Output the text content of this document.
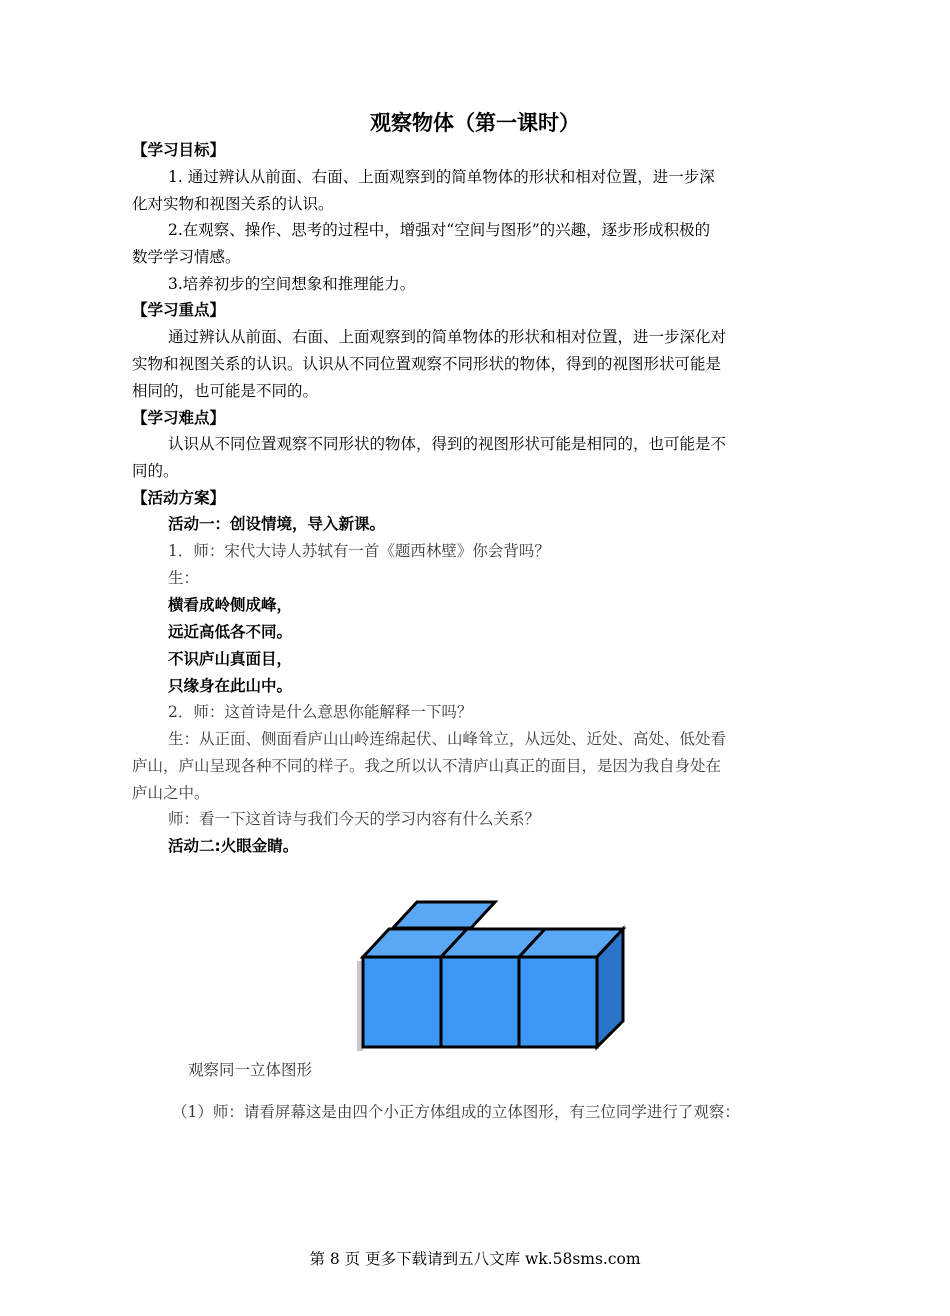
观察物体（第一课时）
【学习目标】
1. 通过辨认从前面、右面、上面观察到的简单物体的形状和相对位置，进一步深
化对实物和视图关系的认识。
2.在观察、操作、思考的过程中，增强对“空间与图形”的兴趣，逐步形成积极的
数学学习情感。
3.培养初步的空间想象和推理能力。
【学习重点】
通过辨认从前面、右面、上面观察到的简单物体的形状和相对位置，进一步深化对
实物和视图关系的认识。认识从不同位置观察不同形状的物体，得到的视图形状可能是
相同的，也可能是不同的。
【学习难点】
认识从不同位置观察不同形状的物体，得到的视图形状可能是相同的，也可能是不
同的。
【活动方案】
活动一：创设情境，导入新课。
1．师：宋代大诗人苏轼有一首《题西林壁》你会背吗？
生：
横看成岭侧成峰，
远近高低各不同。
不识庐山真面目，
只缘身在此山中。
2．师：这首诗是什么意思你能解释一下吗？
生：从正面、侧面看庐山山岭连绵起伏、山峰耸立，从远处、近处、高处、低处看
庐山，庐山呈现各种不同的样子。我之所以认不清庐山真正的面目，是因为我自身处在
庐山之中。
师：看一下这首诗与我们今天的学习内容有什么关系？
活动二:火眼金睛。
观察同一立体图形
（1）师：请看屏幕这是由四个小正方体组成的立体图形，有三位同学进行了观察：
第 8 页 更多下载请到五八文库 wk.58sms.com
